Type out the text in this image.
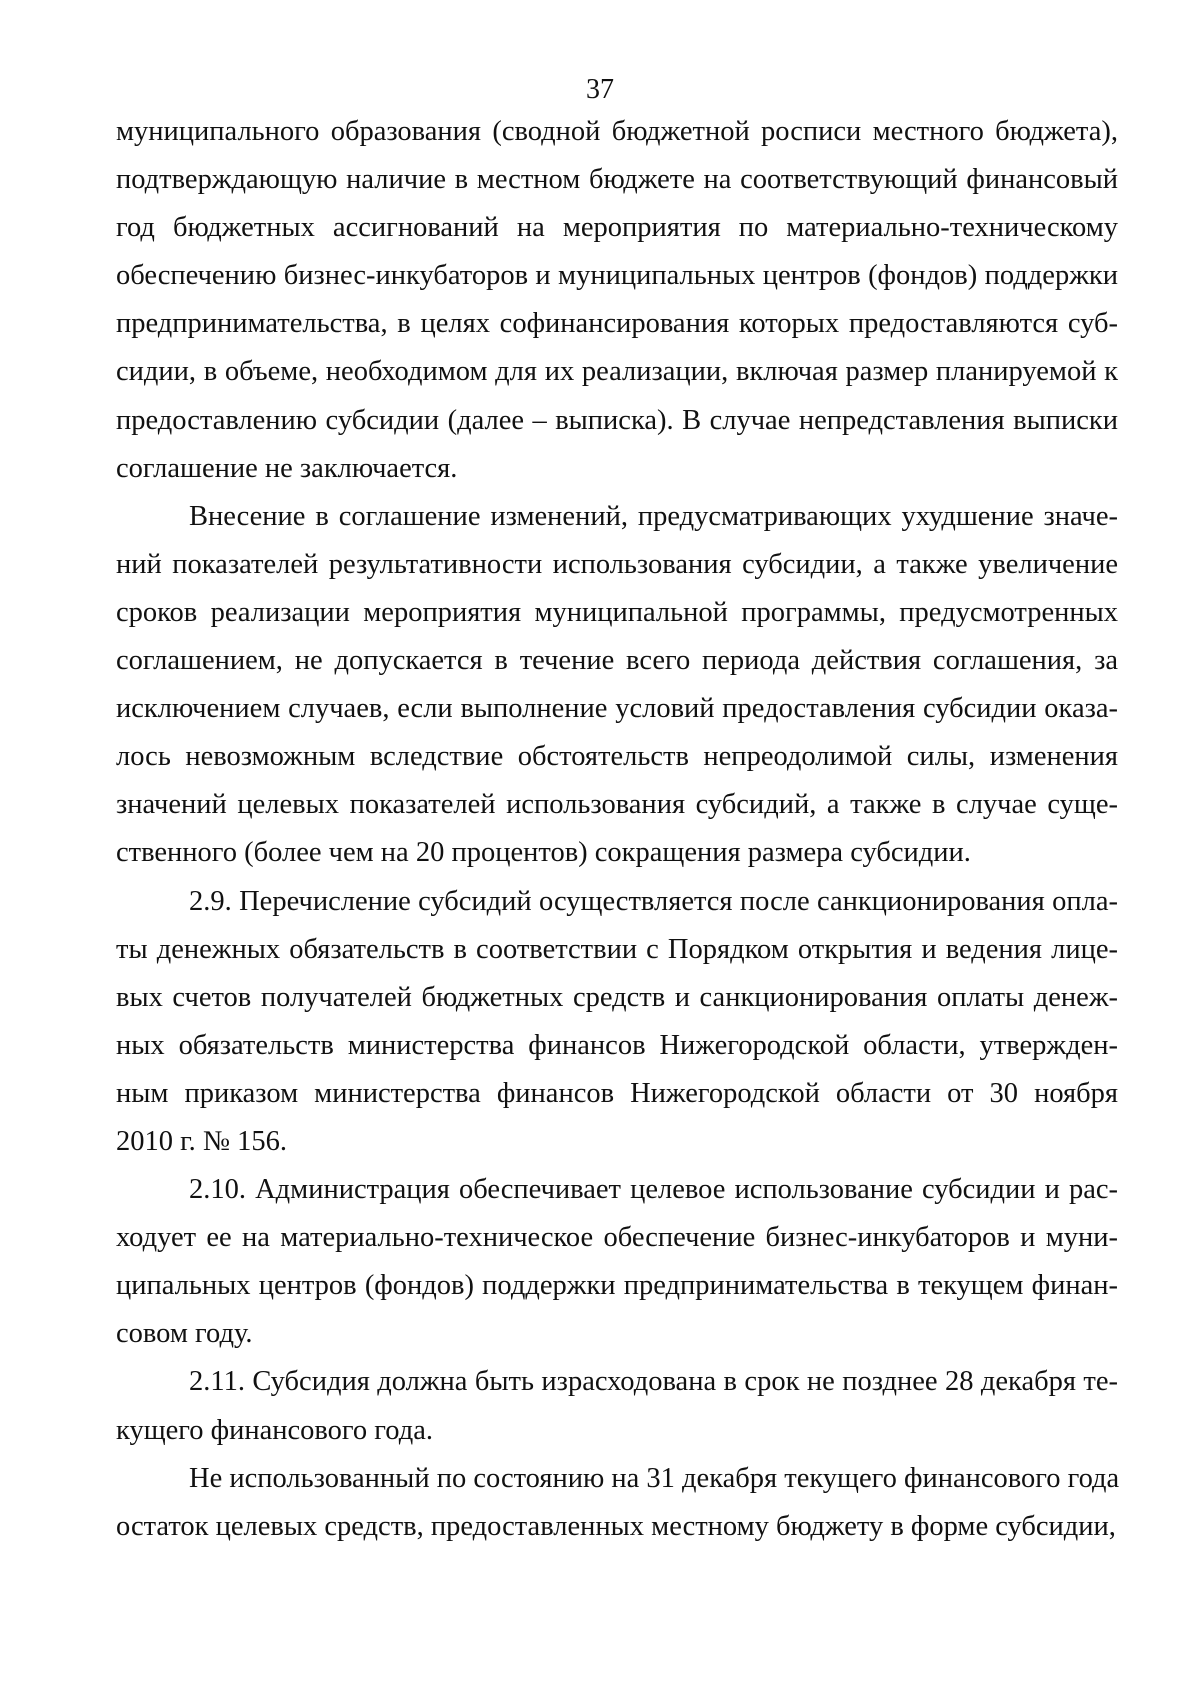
37
муниципального образования (сводной бюджетной росписи местного бюджета),
подтверждающую наличие в местном бюджете на соответствующий финансовый
год бюджетных ассигнований на мероприятия по материально-техническому
обеспечению бизнес-инкубаторов и муниципальных центров (фондов) поддержки
предпринимательства, в целях софинансирования которых предоставляются суб-
сидии, в объеме, необходимом для их реализации, включая размер планируемой к
предоставлению субсидии (далее – выписка). В случае непредставления выписки
соглашение не заключается.
Внесение в соглашение изменений, предусматривающих ухудшение значе-
ний показателей результативности использования субсидии, а также увеличение
сроков реализации мероприятия муниципальной программы, предусмотренных
соглашением, не допускается в течение всего периода действия соглашения, за
исключением случаев, если выполнение условий предоставления субсидии оказа-
лось невозможным вследствие обстоятельств непреодолимой силы, изменения
значений целевых показателей использования субсидий, а также в случае суще-
ственного (более чем на 20 процентов) сокращения размера субсидии.
2.9. Перечисление субсидий осуществляется после санкционирования опла-
ты денежных обязательств в соответствии с Порядком открытия и ведения лице-
вых счетов получателей бюджетных средств и санкционирования оплаты денеж-
ных обязательств министерства финансов Нижегородской области, утвержден-
ным приказом министерства финансов Нижегородской области от 30 ноября
2010 г. № 156.
2.10. Администрация обеспечивает целевое использование субсидии и рас-
ходует ее на материально-техническое обеспечение бизнес-инкубаторов и муни-
ципальных центров (фондов) поддержки предпринимательства в текущем финан-
совом году.
2.11. Субсидия должна быть израсходована в срок не позднее 28 декабря те-
кущего финансового года.
Не использованный по состоянию на 31 декабря текущего финансового года
остаток целевых средств, предоставленных местному бюджету в форме субсидии,
